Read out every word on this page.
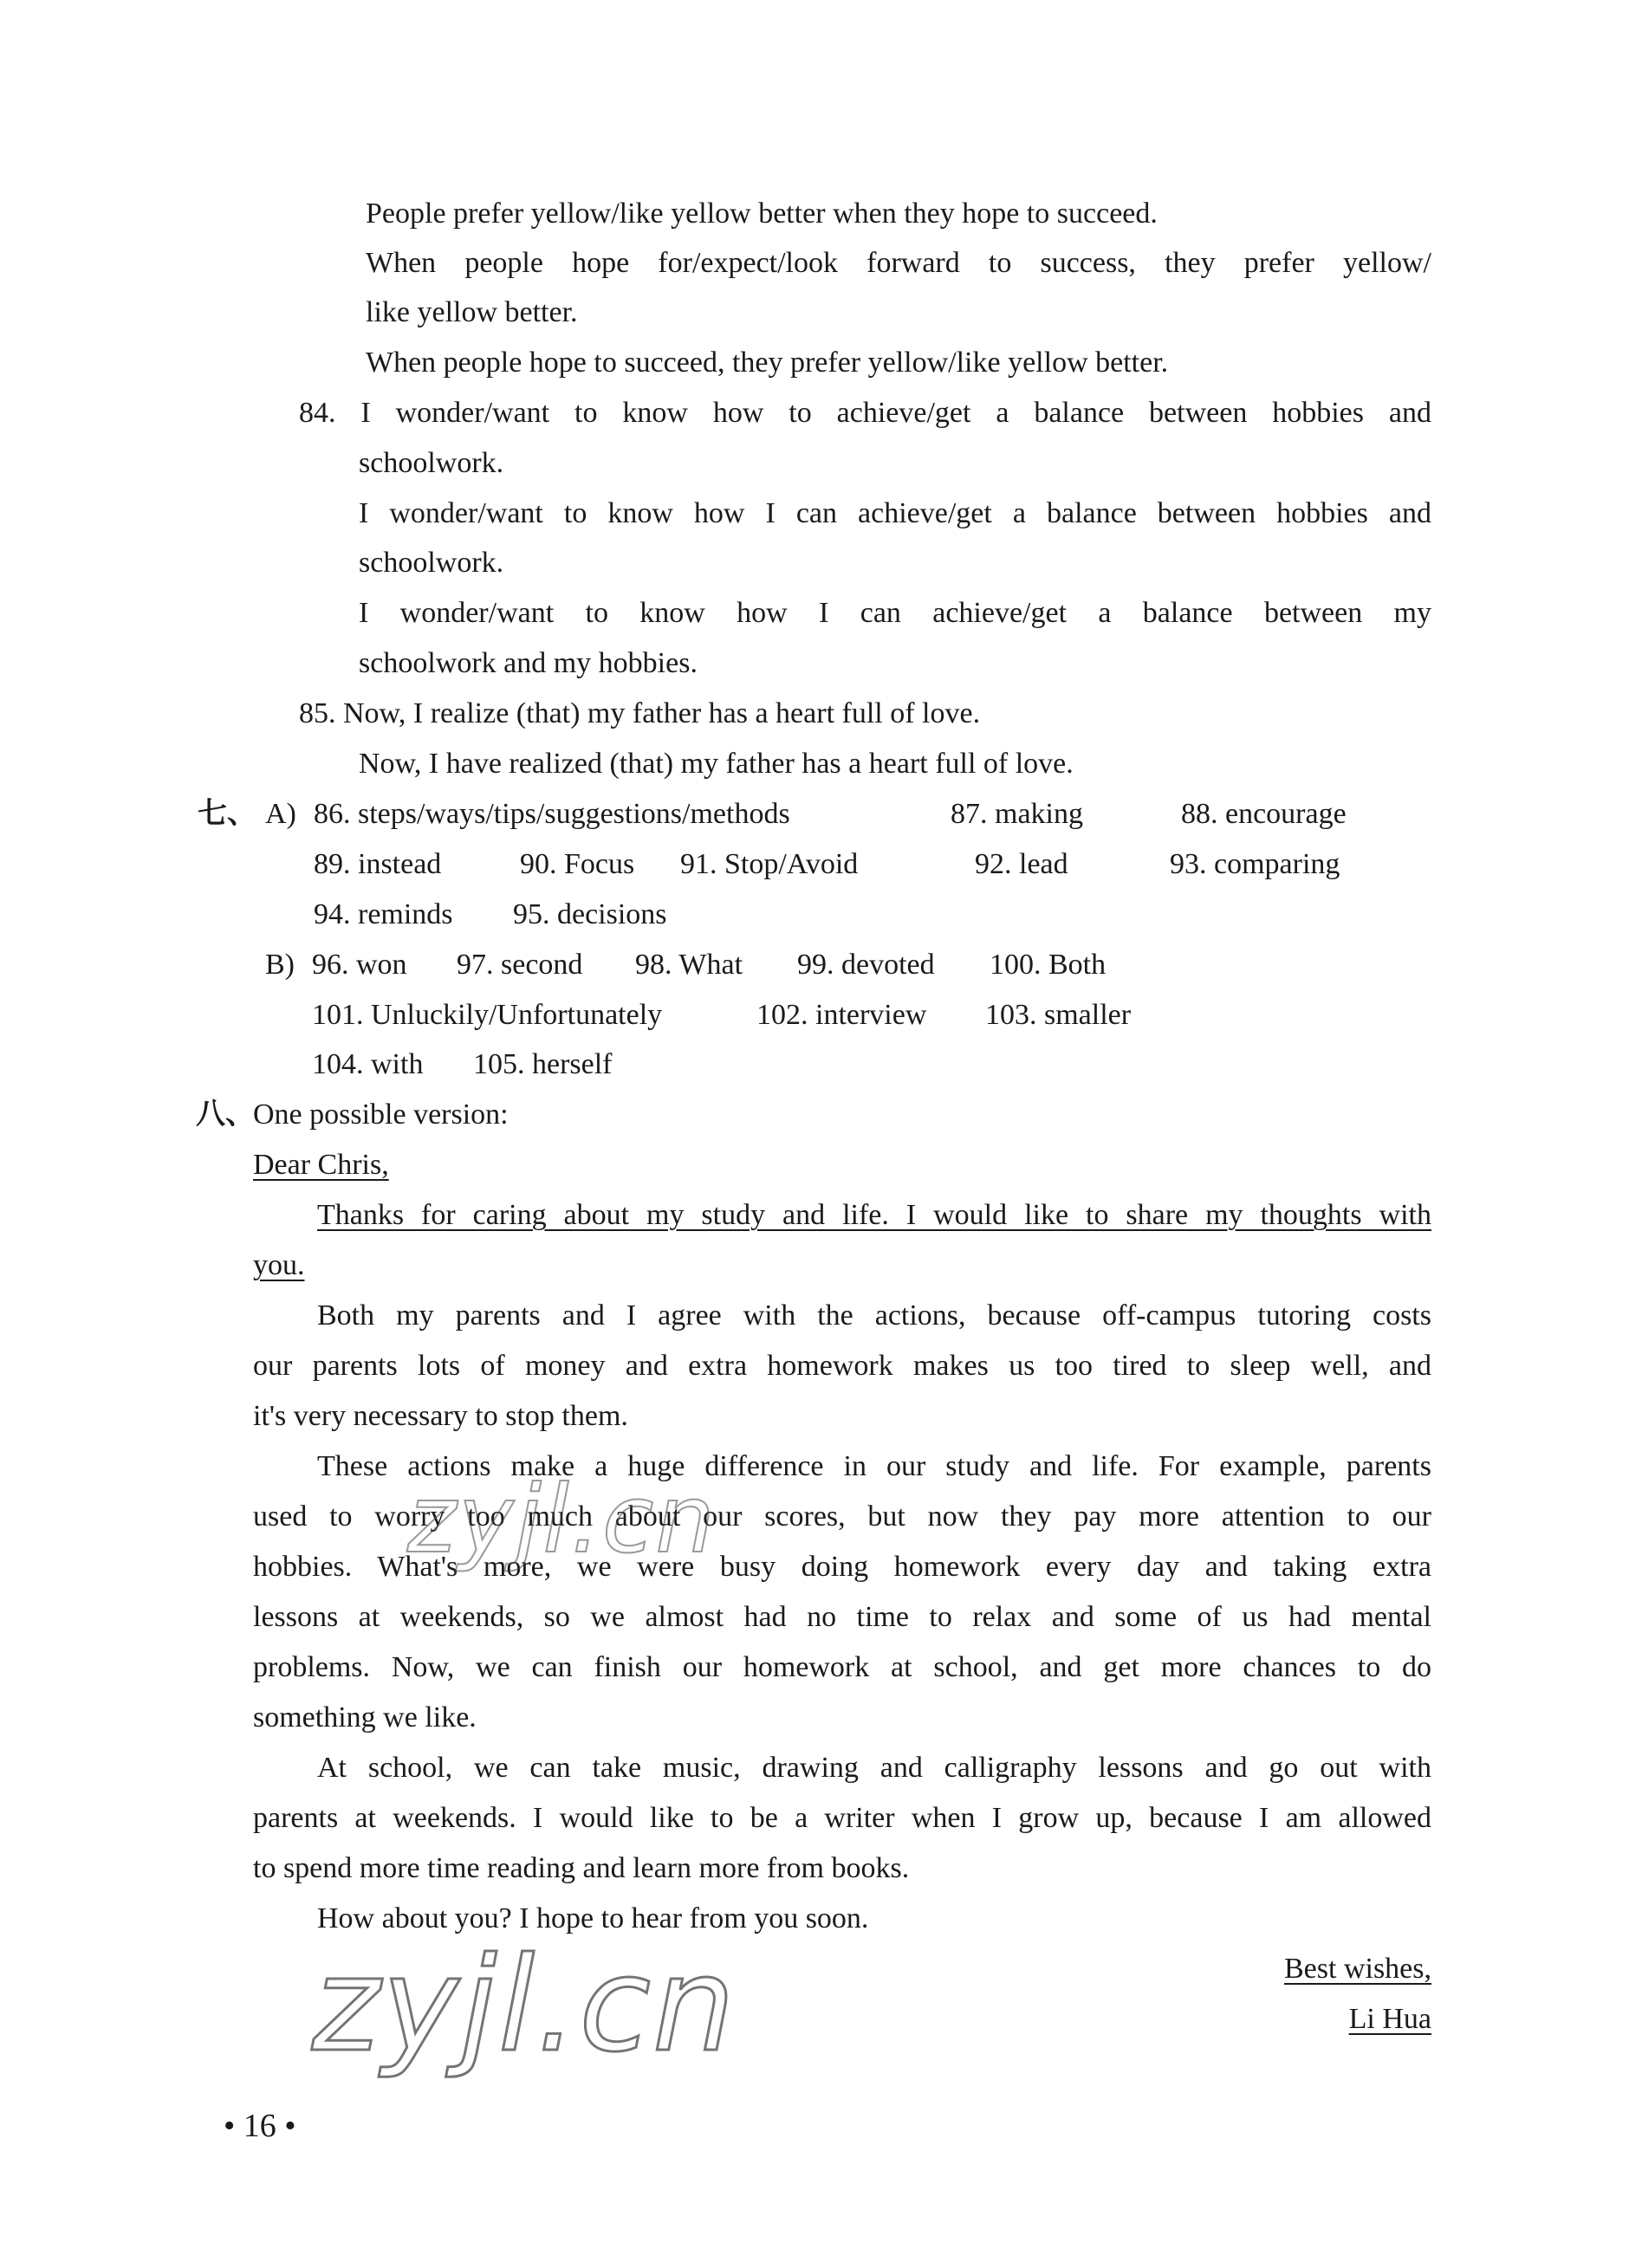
People prefer yellow/like yellow better when they hope to succeed.
When people hope for/expect/look forward to success, they prefer yellow/
like yellow better.
When people hope to succeed, they prefer yellow/like yellow better.
84. I wonder/want to know how to achieve/get a balance between hobbies and
schoolwork.
I wonder/want to know how I can achieve/get a balance between hobbies and
schoolwork.
I wonder/want to know how I can achieve/get a balance between my
schoolwork and my hobbies.
85. Now, I realize (that) my father has a heart full of love.
Now, I have realized (that) my father has a heart full of love.
七、 A) 86. steps/ways/tips/suggestions/methods	87. making	88. encourage
89. instead	90. Focus 91. Stop/Avoid	92. lead	93. comparing
94. reminds 95. decisions
B) 96. won 97. second 98. What 99. devoted 100. Both
101. Unluckily/Unfortunately	102. interview 103. smaller
104. with 105. herself
八、
One possible version:
Dear Chris,
Thanks for caring about my study and life. I would like to share my thoughts with
you.
Both my parents and I agree with the actions, because off-campus tutoring costs
our parents lots of money and extra homework makes us too tired to sleep well, and
it's very necessary to stop them.
These actions make a huge difference in our study and life. For example, parents
used to worry too much about our scores, but now they pay more attention to our
hobbies. What's more, we were busy doing homework every day and taking extra
lessons at weekends, so we almost had no time to relax and some of us had mental
problems. Now, we can finish our homework at school, and get more chances to do
something we like.
At school, we can take music, drawing and calligraphy lessons and go out with
parents at weekends. I would like to be a writer when I grow up, because I am allowed
to spend more time reading and learn more from books.
How about you? I hope to hear from you soon.
Best wishes,
Li Hua
zyjl.cn
zyjl.cn
• 16 •
